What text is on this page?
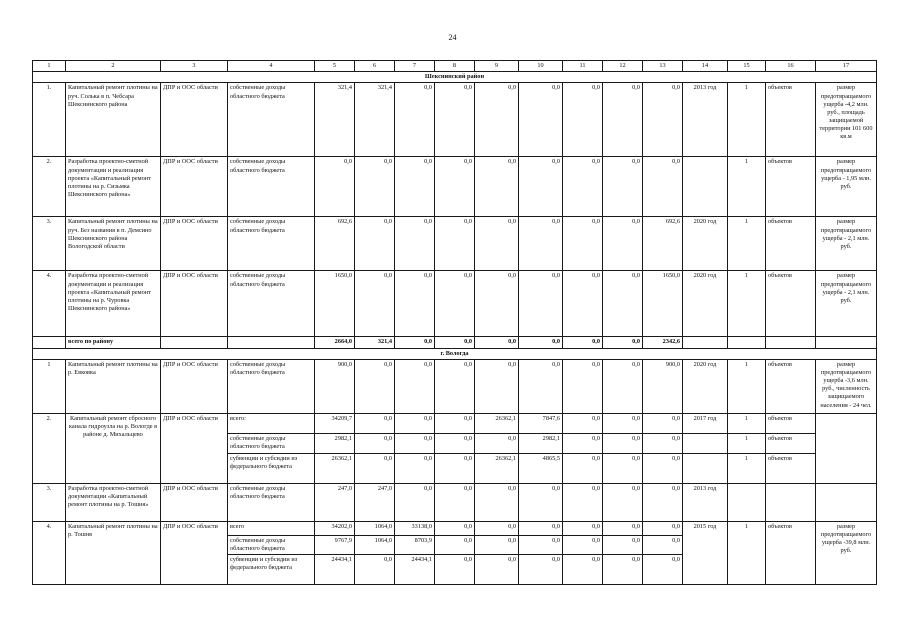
24
1	2	3	4	5	6	7	8	9	10	11	12	13	14	15	16	17
Шекснинский район																
1.	Капитальный ремонт плотины на руч. Солька в п. Чебсара Шекснинского района	ДПР и ООС области	собственные доходы областного бюджета	321,4	321,4	0,0	0,0	0,0	0,0	0,0	0,0	0,0	2013 год	1	объектов	размер предотвращаемого ущерба -4,2 млн. руб., площадь защищаемой территории 101 600 кв.м
2.	Разработка проектно-сметной документации и реализация проекта «Капитальный ремонт плотины на р. Сизьмка Шекснинского района»	ДПР и ООС области	собственные доходы областного бюджета	0,0	0,0	0,0	0,0	0,0	0,0	0,0	0,0	0,0		1	объектов	размер предотвращаемого ущерба - 1,95 млн. руб.
3.	Капитальный ремонт плотины на руч. Без названия в п. Демсино Шекснинского района Вологодской области	ДПР и ООС области	собственные доходы областного бюджета	692,6	0,0	0,0	0,0	0,0	0,0	0,0	0,0	692,6	2020 год	1	объектов	размер предотвращаемого ущерба - 2,1 млн. руб.
4.	Разработка проектно-сметной документации и реализация проекта «Капитальный ремонт плотины на р. Чуровка Шекснинского района»	ДПР и ООС области	собственные доходы областного бюджета	1650,0	0,0	0,0	0,0	0,0	0,0	0,0	0,0	1650,0	2020 год	1	объектов	размер предотвращаемого ущерба - 2,1 млн. руб.
	всего по району			2664,0	321,4	0,0	0,0	0,0	0,0	0,0	0,0	2342,6				
г. Вологда																
1	Капитальный ремонт плотины на р. Евковка	ДПР и ООС области	собственные доходы областного бюджета	900,0	0,0	0,0	0,0	0,0	0,0	0,0	0,0	900,0	2020 год	1	объектов	размер предотвращаемого ущерба -3,6 млн. руб., численность защищаемого населения - 24 чел.
2.	Капитальный ремонт сбросного канала гидроузла на р. Вологде в районе д. Михальцево	ДПР и ООС области	всего:	34209,7	0,0	0,0	0,0	26362,1	7847,6	0,0	0,0	0,0	2017 год	1	объектов	
			собственные доходы областного бюджета	2982,1	0,0	0,0	0,0	0,0	2982,1	0,0	0,0	0,0		1	объектов	
			субвенции и субсидии из федерального бюджета	26362,1	0,0	0,0	0,0	26362,1	4865,5	0,0	0,0	0,0		1	объектов	
3.	Разработка проектно-сметной документации «Капитальный ремонт плотины на р. Тошня»	ДПР и ООС области	собственные доходы областного бюджета	247,0	247,0	0,0	0,0	0,0	0,0	0,0	0,0	0,0	2013 год			
4.	Капитальный ремонт плотины на р. Тошня	ДПР и ООС области	всего	34202,0	1064,0	33138,0	0,0	0,0	0,0	0,0	0,0	0,0	2015 год	1	объектов	размер предотвращаемого ущерба -39,8 млн. руб.
			собственные доходы областного бюджета	9767,9	1064,0	8703,9	0,0	0,0	0,0	0,0	0,0	0,0				
			субвенции и субсидии из федерального бюджета	24434,1	0,0	24434,1	0,0	0,0	0,0	0,0	0,0	0,0				
